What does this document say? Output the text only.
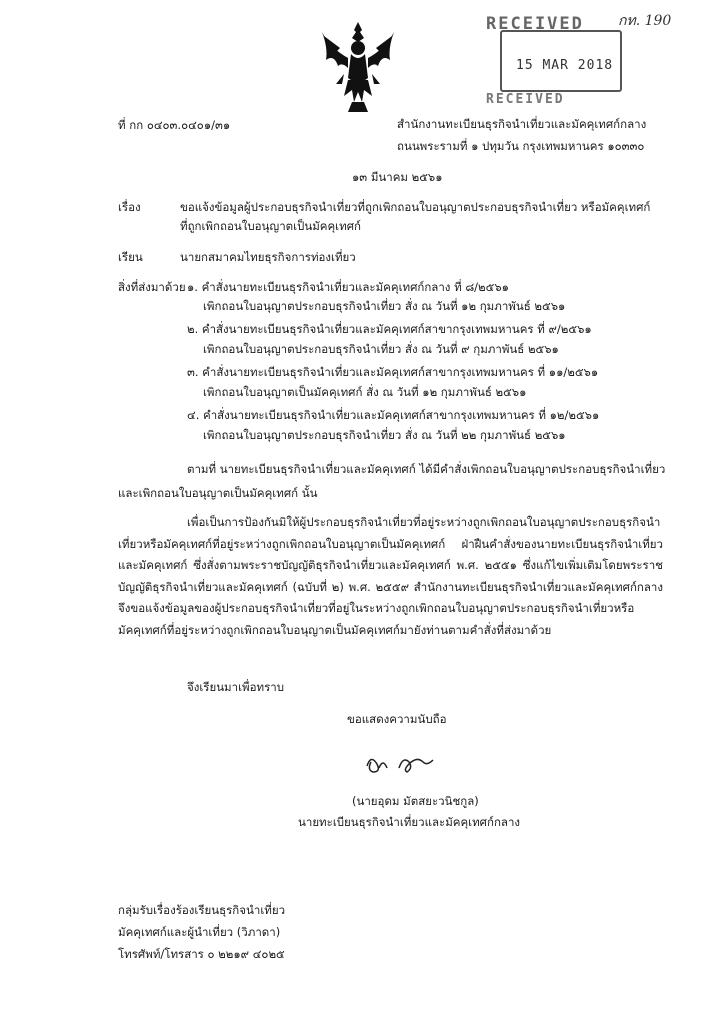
RECEIVED
15 MAR 2018
RECEIVED
กท. 190
ที่ กก ๐๔๐๓.๐๔๐๑/๓๑	สำนักงานทะเบียนธุรกิจนำเที่ยวและมัคคุเทศก์กลาง
ถนนพระรามที่ ๑ ปทุมวัน กรุงเทพมหานคร ๑๐๓๓๐
๑๓ มีนาคม ๒๕๖๑
เรื่อง	ขอแจ้งข้อมูลผู้ประกอบธุรกิจนำเที่ยวที่ถูกเพิกถอนใบอนุญาตประกอบธุรกิจนำเที่ยว หรือมัคคุเทศก์
ที่ถูกเพิกถอนใบอนุญาตเป็นมัคคุเทศก์
เรียน	นายกสมาคมไทยธุรกิจการท่องเที่ยว
สิ่งที่ส่งมาด้วย ๑. คำสั่งนายทะเบียนธุรกิจนำเที่ยวและมัคคุเทศก์กลาง ที่ ๘/๒๕๖๑
เพิกถอนใบอนุญาตประกอบธุรกิจนำเที่ยว สั่ง ณ วันที่ ๑๒ กุมภาพันธ์ ๒๕๖๑
๒. คำสั่งนายทะเบียนธุรกิจนำเที่ยวและมัคคุเทศก์สาขากรุงเทพมหานคร ที่ ๙/๒๕๖๑
เพิกถอนใบอนุญาตประกอบธุรกิจนำเที่ยว สั่ง ณ วันที่ ๙ กุมภาพันธ์ ๒๕๖๑
๓. คำสั่งนายทะเบียนธุรกิจนำเที่ยวและมัคคุเทศก์สาขากรุงเทพมหานคร ที่ ๑๑/๒๕๖๑
เพิกถอนใบอนุญาตเป็นมัคคุเทศก์ สั่ง ณ วันที่ ๑๒ กุมภาพันธ์ ๒๕๖๑
๔. คำสั่งนายทะเบียนธุรกิจนำเที่ยวและมัคคุเทศก์สาขากรุงเทพมหานคร ที่ ๑๒/๒๕๖๑
เพิกถอนใบอนุญาตประกอบธุรกิจนำเที่ยว สั่ง ณ วันที่ ๒๒ กุมภาพันธ์ ๒๕๖๑
ตามที่ นายทะเบียนธุรกิจนำเที่ยวและมัคคุเทศก์ ได้มีคำสั่งเพิกถอนใบอนุญาตประกอบธุรกิจนำเที่ยว
และเพิกถอนใบอนุญาตเป็นมัคคุเทศก์ นั้น

เพื่อเป็นการป้องกันมิให้ผู้ประกอบธุรกิจนำเที่ยวที่อยู่ระหว่างถูกเพิกถอนใบอนุญาตประกอบธุรกิจนำเที่ยวหรือมัคคุเทศก์ที่อยู่ระหว่างถูกเพิกถอนใบอนุญาตเป็นมัคคุเทศก์ ฝ่าฝืนคำสั่งของนายทะเบียนธุรกิจนำเที่ยวและมัคคุเทศก์ ซึ่งสั่งตามพระราชบัญญัติธุรกิจนำเที่ยวและมัคคุเทศก์ พ.ศ. ๒๕๕๑ ซึ่งแก้ไขเพิ่มเติมโดยพระราชบัญญัติธุรกิจนำเที่ยวและมัคคุเทศก์ (ฉบับที่ ๒) พ.ศ. ๒๕๕๙ สำนักงานทะเบียนธุรกิจนำเที่ยวและมัคคุเทศก์กลาง จึงขอแจ้งข้อมูลของผู้ประกอบธุรกิจนำเที่ยวที่อยู่ในระหว่างถูกเพิกถอนใบอนุญาตประกอบธุรกิจนำเที่ยวหรือมัคคุเทศก์ที่อยู่ระหว่างถูกเพิกถอนใบอนุญาตเป็นมัคคุเทศก์มายังท่านตามคำสั่งที่ส่งมาด้วย

จึงเรียนมาเพื่อทราบ
ขอแสดงความนับถือ
(นายอุดม มัตสยะวนิชกูล)
นายทะเบียนธุรกิจนำเที่ยวและมัคคุเทศก์กลาง
กลุ่มรับเรื่องร้องเรียนธุรกิจนำเที่ยว
มัคคุเทศก์และผู้นำเที่ยว (วิภาดา)
โทรศัพท์/โทรสาร ๐ ๒๒๑๙ ๔๐๒๕
